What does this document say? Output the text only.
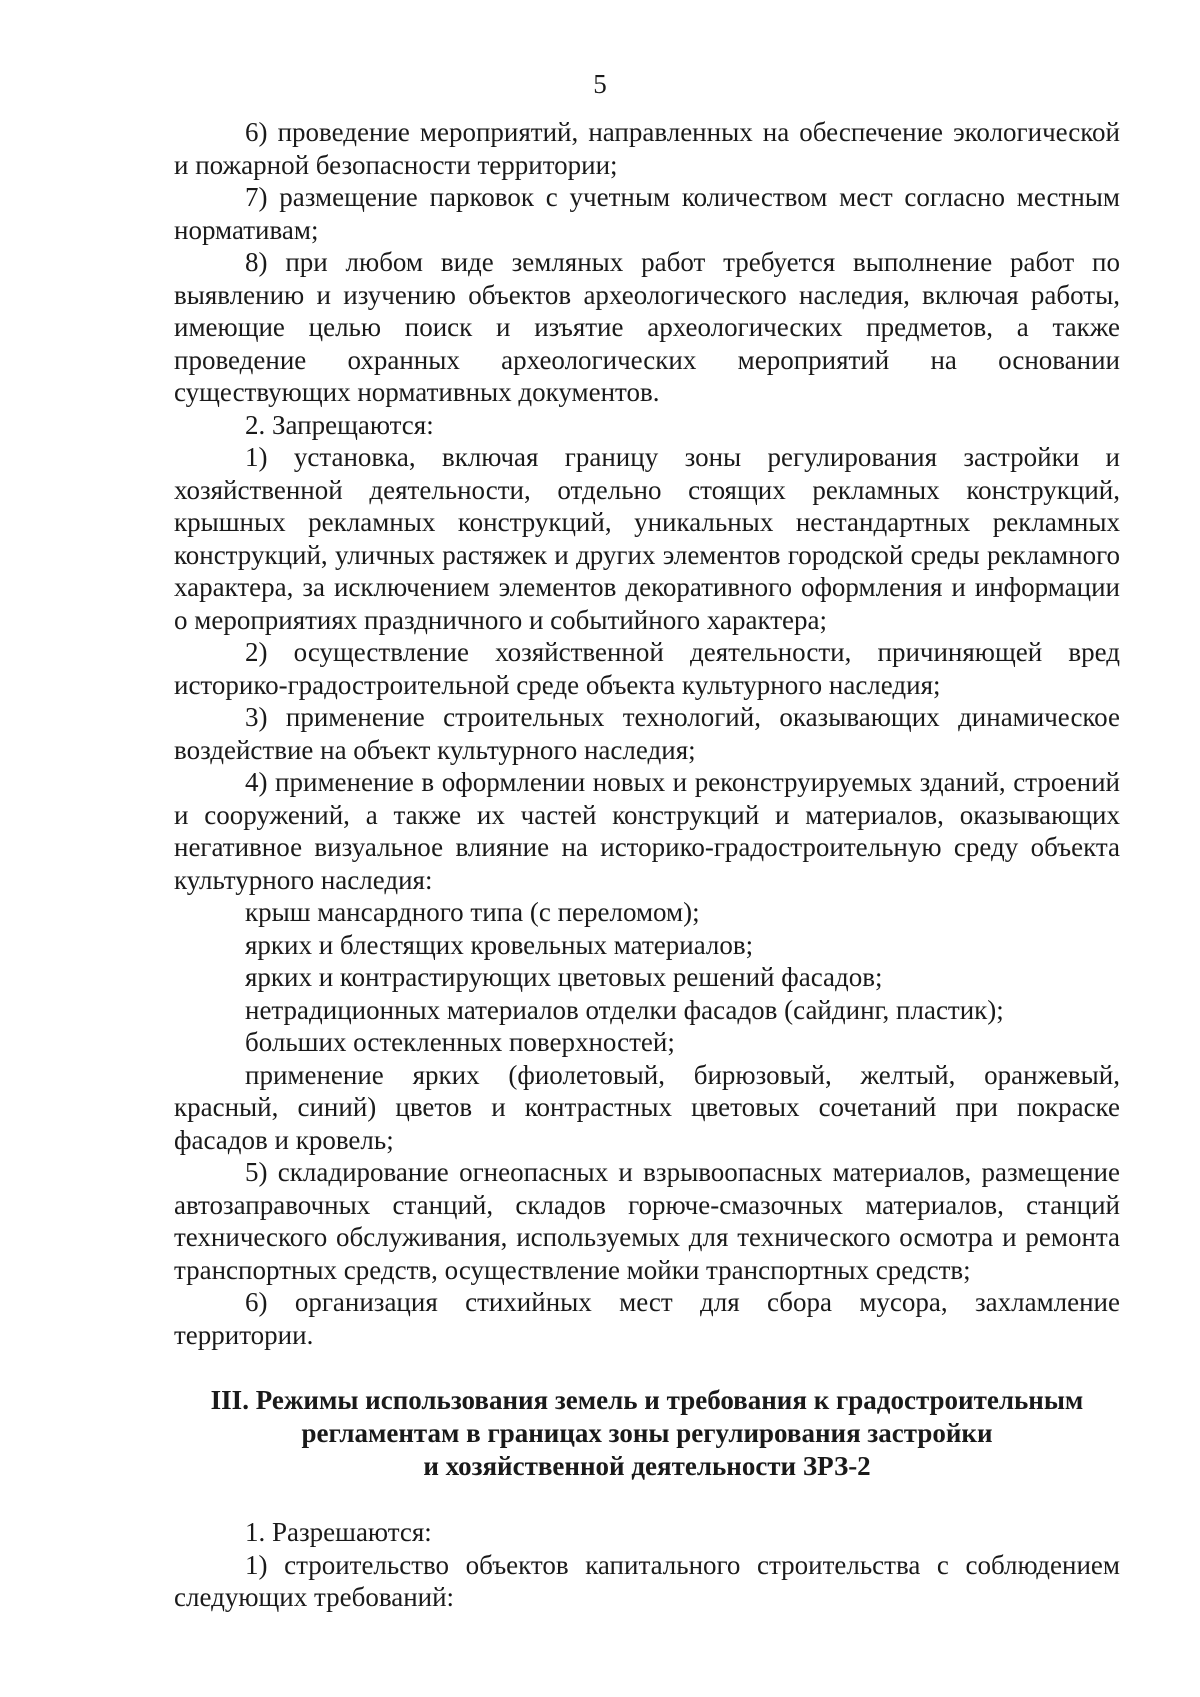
5

6) проведение мероприятий, направленных на обеспечение экологической и пожарной безопасности территории;

7) размещение парковок с учетным количеством мест согласно местным нормативам;

8) при любом виде земляных работ требуется выполнение работ по выявлению и изучению объектов археологического наследия, включая работы, имеющие целью поиск и изъятие археологических предметов, а также проведение охранных археологических мероприятий на основании существующих нормативных документов.

2. Запрещаются:

1) установка, включая границу зоны регулирования застройки и хозяйственной деятельности, отдельно стоящих рекламных конструкций, крышных рекламных конструкций, уникальных нестандартных рекламных конструкций, уличных растяжек и других элементов городской среды рекламного характера, за исключением элементов декоративного оформления и информации о мероприятиях праздничного и событийного характера;

2) осуществление хозяйственной деятельности, причиняющей вред историко-градостроительной среде объекта культурного наследия;

3) применение строительных технологий, оказывающих динамическое воздействие на объект культурного наследия;

4) применение в оформлении новых и реконструируемых зданий, строений и сооружений, а также их частей конструкций и материалов, оказывающих негативное визуальное влияние на историко-градостроительную среду объекта культурного наследия:

крыш мансардного типа (с переломом);

ярких и блестящих кровельных материалов;

ярких и контрастирующих цветовых решений фасадов;

нетрадиционных материалов отделки фасадов (сайдинг, пластик);

больших остекленных поверхностей;

применение ярких (фиолетовый, бирюзовый, желтый, оранжевый, красный, синий) цветов и контрастных цветовых сочетаний при покраске фасадов и кровель;

5) складирование огнеопасных и взрывоопасных материалов, размещение автозаправочных станций, складов горюче-смазочных материалов, станций технического обслуживания, используемых для технического осмотра и ремонта транспортных средств, осуществление мойки транспортных средств;

6) организация стихийных мест для сбора мусора, захламление территории.

III. Режимы использования земель и требования к градостроительным
регламентам в границах зоны регулирования застройки
и хозяйственной деятельности ЗРЗ-2

1. Разрешаются:

1) строительство объектов капитального строительства с соблюдением следующих требований:
